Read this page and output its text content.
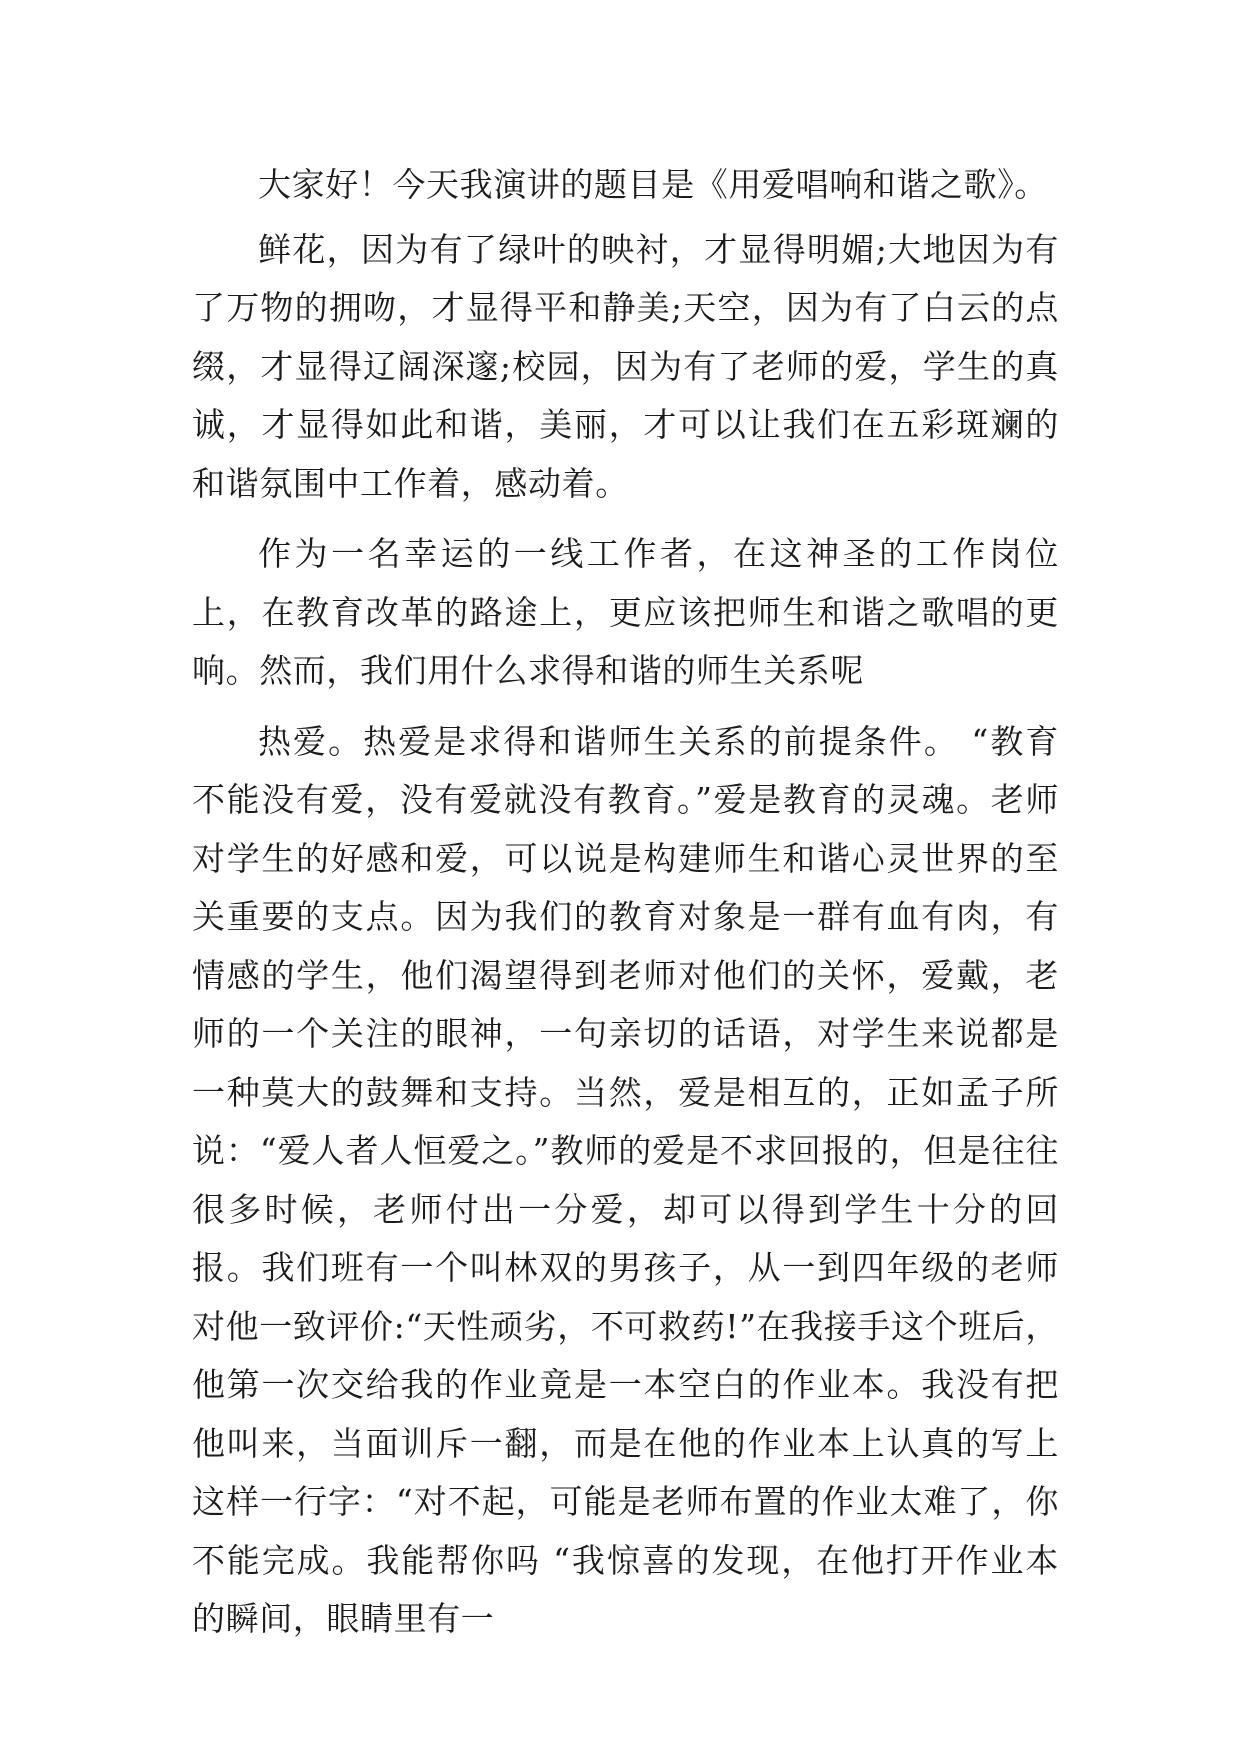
大家好！今天我演讲的题目是《用爱唱响和谐之歌》。

鲜花，因为有了绿叶的映衬，才显得明媚;大地因为有了万物的拥吻，才显得平和静美;天空，因为有了白云的点缀，才显得辽阔深邃;校园，因为有了老师的爱，学生的真诚，才显得如此和谐，美丽，才可以让我们在五彩斑斓的和谐氛围中工作着，感动着。

作为一名幸运的一线工作者，在这神圣的工作岗位上，在教育改革的路途上，更应该把师生和谐之歌唱的更响。然而，我们用什么求得和谐的师生关系呢

热爱。热爱是求得和谐师生关系的前提条件。 “教育不能没有爱，没有爱就没有教育。”爱是教育的灵魂。老师对学生的好感和爱，可以说是构建师生和谐心灵世界的至关重要的支点。因为我们的教育对象是一群有血有肉，有情感的学生，他们渴望得到老师对他们的关怀，爱戴，老师的一个关注的眼神，一句亲切的话语，对学生来说都是一种莫大的鼓舞和支持。当然，爱是相互的，正如孟子所说：“爱人者人恒爱之。”教师的爱是不求回报的，但是往往很多时候，老师付出一分爱，却可以得到学生十分的回报。我们班有一个叫林双的男孩子，从一到四年级的老师对他一致评价:“天性顽劣，不可救药!”在我接手这个班后，他第一次交给我的作业竟是一本空白的作业本。我没有把他叫来，当面训斥一翻，而是在他的作业本上认真的写上这样一行字：“对不起，可能是老师布置的作业太难了，你不能完成。我能帮你吗 “我惊喜的发现，在他打开作业本的瞬间，眼睛里有一
